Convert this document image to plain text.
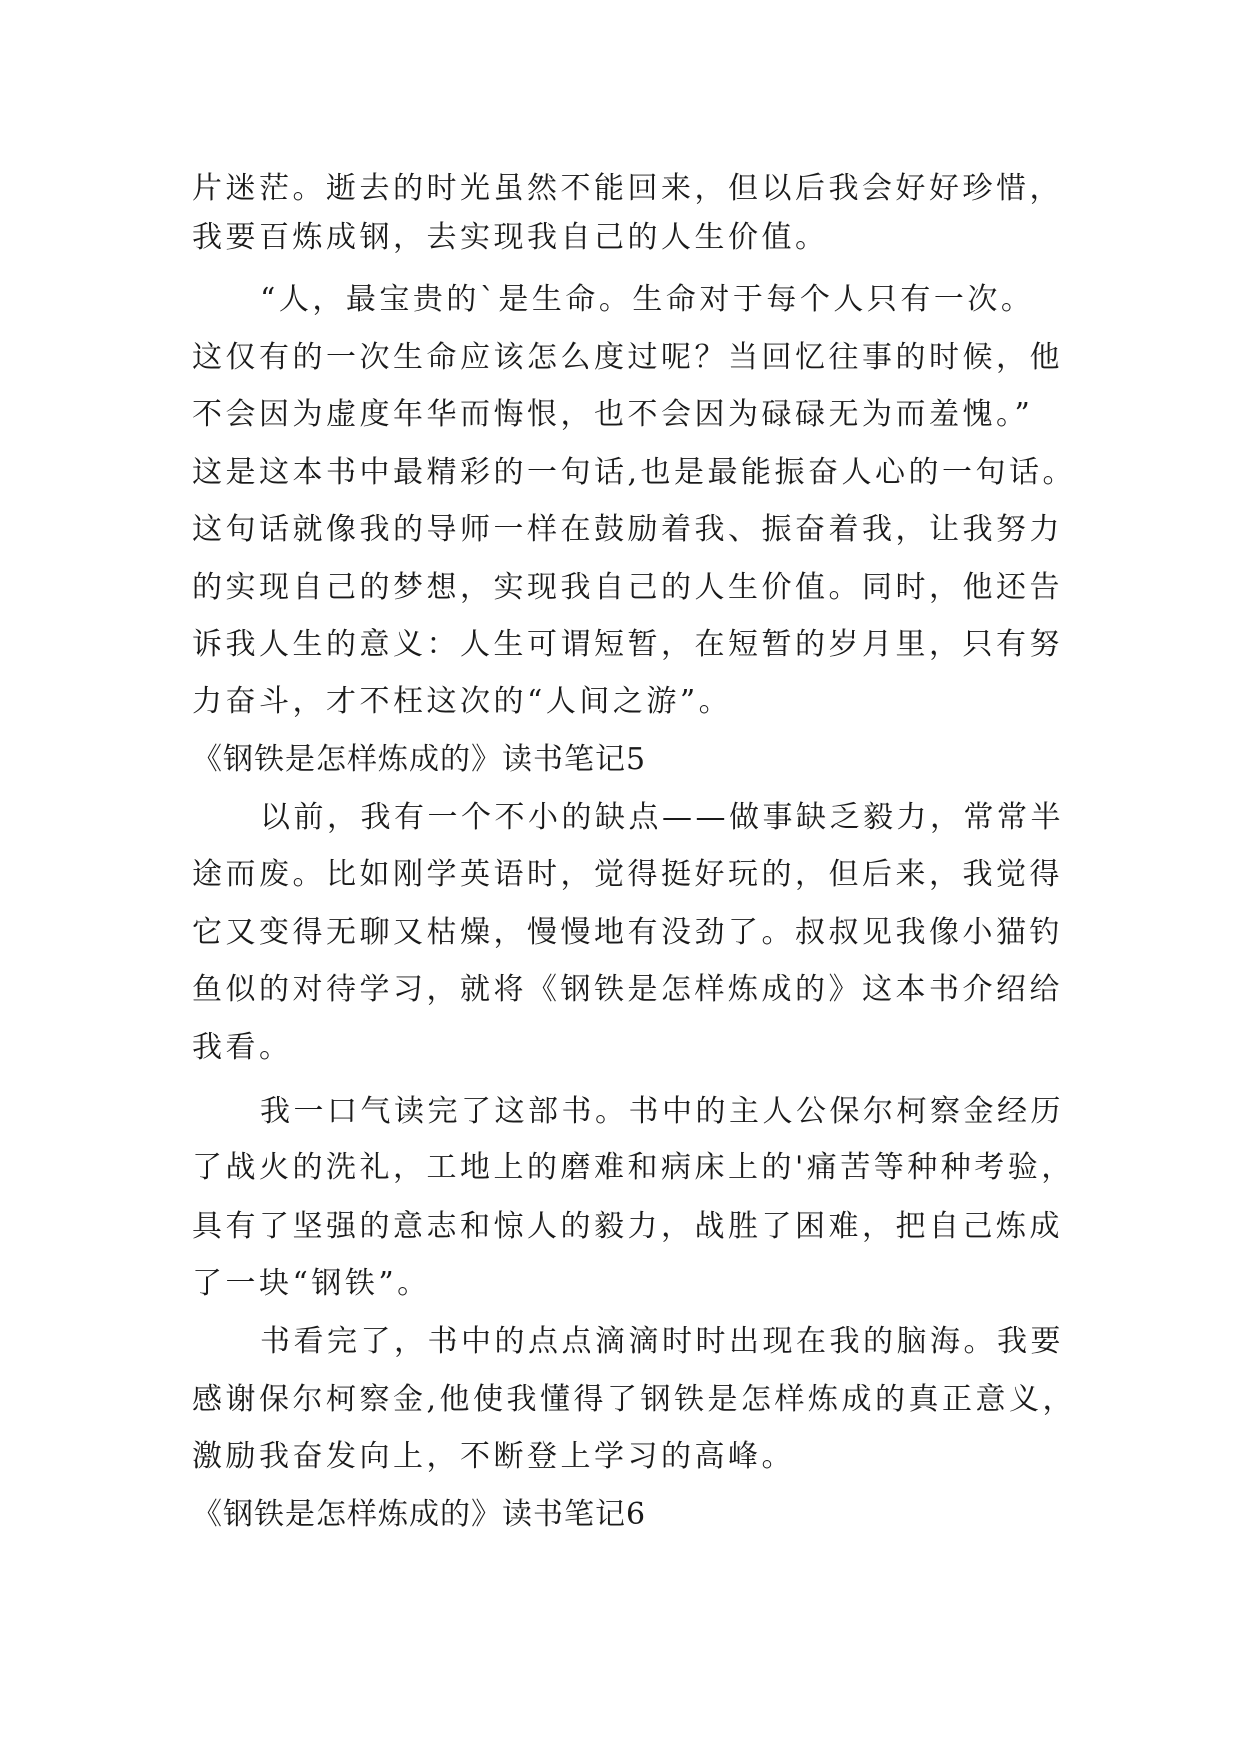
片迷茫。逝去的时光虽然不能回来，但以后我会好好珍惜，
我要百炼成钢，去实现我自己的人生价值。
“人，最宝贵的`是生命。生命对于每个人只有一次。
这仅有的一次生命应该怎么度过呢？当回忆往事的时候，他
不会因为虚度年华而悔恨，也不会因为碌碌无为而羞愧。”
这是这本书中最精彩的一句话,也是最能振奋人心的一句话。
这句话就像我的导师一样在鼓励着我、振奋着我，让我努力
的实现自己的梦想，实现我自己的人生价值。同时，他还告
诉我人生的意义：人生可谓短暂，在短暂的岁月里，只有努
力奋斗，才不枉这次的“人间之游”。
《钢铁是怎样炼成的》读书笔记5
以前，我有一个不小的缺点——做事缺乏毅力，常常半
途而废。比如刚学英语时，觉得挺好玩的，但后来，我觉得
它又变得无聊又枯燥，慢慢地有没劲了。叔叔见我像小猫钓
鱼似的对待学习，就将《钢铁是怎样炼成的》这本书介绍给
我看。
我一口气读完了这部书。书中的主人公保尔柯察金经历
了战火的洗礼，工地上的磨难和病床上的'痛苦等种种考验，
具有了坚强的意志和惊人的毅力，战胜了困难，把自己炼成
了一块“钢铁”。
书看完了，书中的点点滴滴时时出现在我的脑海。我要
感谢保尔柯察金,他使我懂得了钢铁是怎样炼成的真正意义，
激励我奋发向上，不断登上学习的高峰。
《钢铁是怎样炼成的》读书笔记6
